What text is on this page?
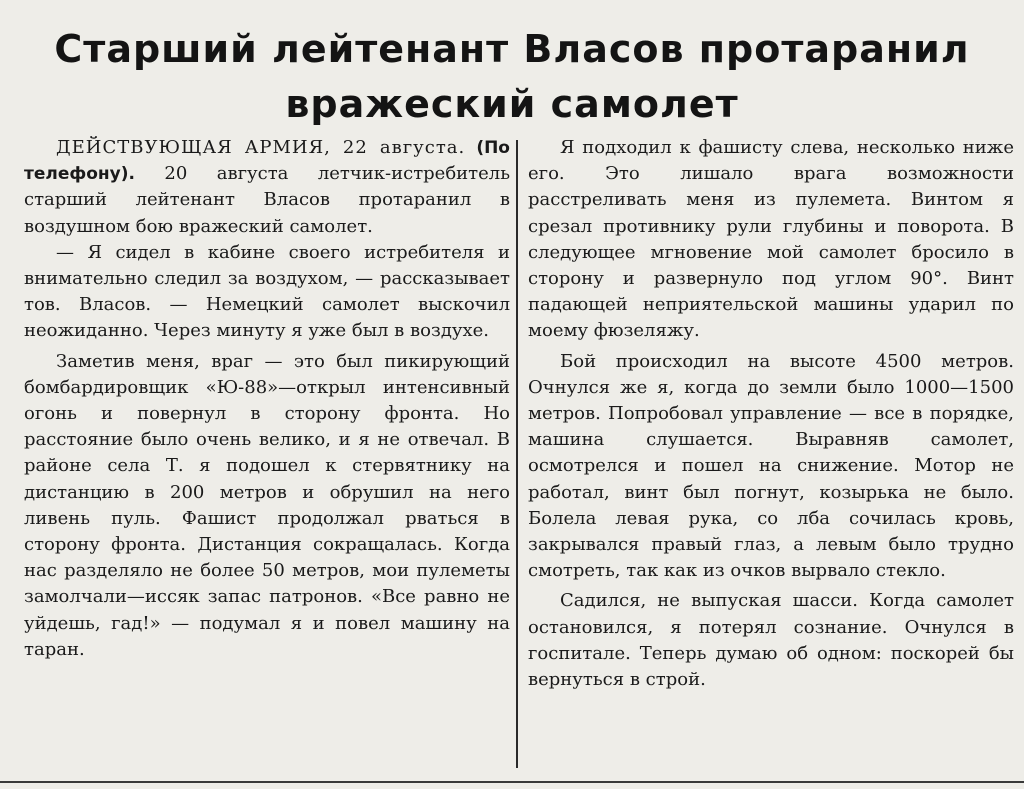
Старший лейтенант Власов протаранил
вражеский самолет

ДЕЙСТВУЮЩАЯ АРМИЯ, 22 августа. (По телефону). 20 августа летчик-истребитель старший лейтенант Власов протаранил в воздушном бою вражеский самолет.

— Я сидел в кабине своего истребителя и внимательно следил за воздухом, — рассказывает тов. Власов. — Немецкий самолет выскочил неожиданно. Через минуту я уже был в воздухе.

Заметив меня, враг — это был пикирующий бомбардировщик «Ю-88»—открыл интенсивный огонь и повернул в сторону фронта. Но расстояние было очень велико, и я не отвечал. В районе села Т. я подошел к стервятнику на дистанцию в 200 метров и обрушил на него ливень пуль. Фашист продолжал рваться в сторону фронта. Дистанция сокращалась. Когда нас разделяло не более 50 метров, мои пулеметы замолчали—иссяк запас патронов. «Все равно не уйдешь, гад!» — подумал я и повел машину на таран.

Я подходил к фашисту слева, несколько ниже его. Это лишало врага возможности расстреливать меня из пулемета. Винтом я срезал противнику рули глубины и поворота. В следующее мгновение мой самолет бросило в сторону и развернуло под углом 90°. Винт падающей неприятельской машины ударил по моему фюзеляжу.

Бой происходил на высоте 4500 метров. Очнулся же я, когда до земли было 1000—1500 метров. Попробовал управление — все в порядке, машина слушается. Выравняв самолет, осмотрелся и пошел на снижение. Мотор не работал, винт был погнут, козырька не было. Болела левая рука, со лба сочилась кровь, закрывался правый глаз, а левым было трудно смотреть, так как из очков вырвало стекло.

Садился, не выпуская шасси. Когда самолет остановился, я потерял сознание. Очнулся в госпитале. Теперь думаю об одном: поскорей бы вернуться в строй.
